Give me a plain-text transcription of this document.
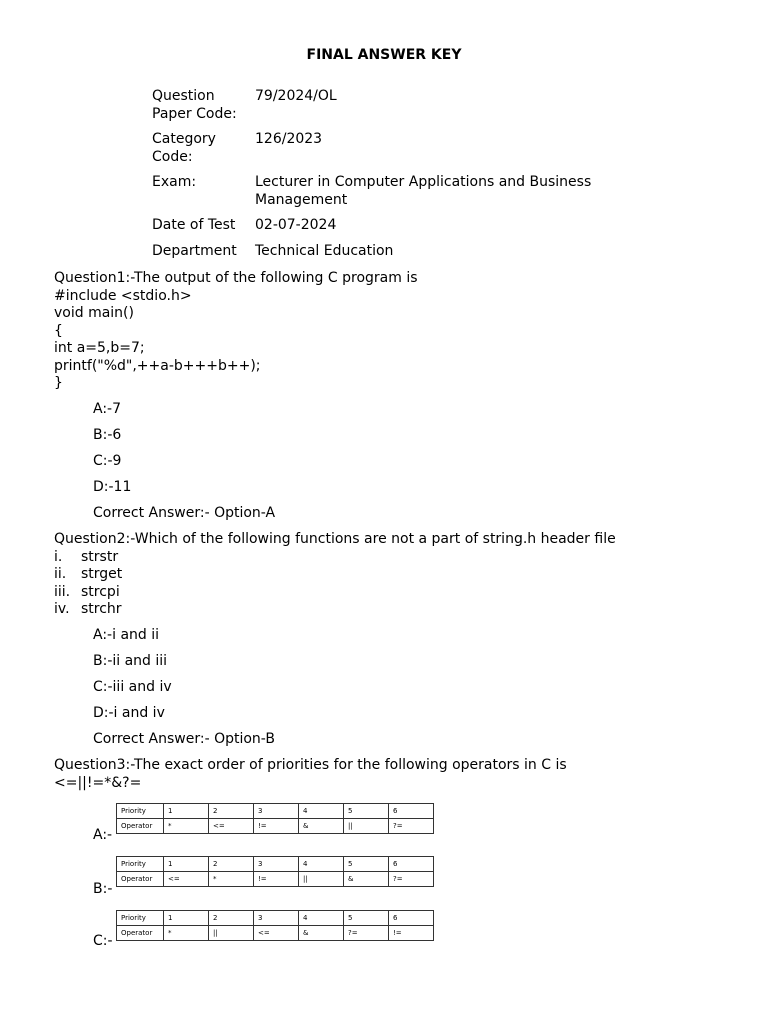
FINAL ANSWER KEY
Question Paper Code:
79/2024/OL
Category Code:
126/2023
Exam:	Lecturer in Computer Applications and Business Management
Date of Test	02-07-2024
Department	Technical Education
Question1:-The output of the following C program is
#include <stdio.h>
void main()
{
int a=5,b=7;
printf("%d",++a-b+++b++);
}
A:-7
B:-6
C:-9
D:-11
Correct Answer:- Option-A
Question2:-Which of the following functions are not a part of string.h header file
i. strstr
ii. strget
iii. strcpi
iv. strchr
A:-i and ii
B:-ii and iii
C:-iii and iv
D:-i and iv
Correct Answer:- Option-B
Question3:-The exact order of priorities for the following operators in C is
<=||!=*&?=
A:-
Priority	1	2	3	4	5	6
Operator	*	<=	!=	&	||	?=
B:-
Priority	1	2	3	4	5	6
Operator	<=	*	!=	||	&	?=
C:-
Priority	1	2	3	4	5	6
Operator	*	||	<=	&	?=	!=
